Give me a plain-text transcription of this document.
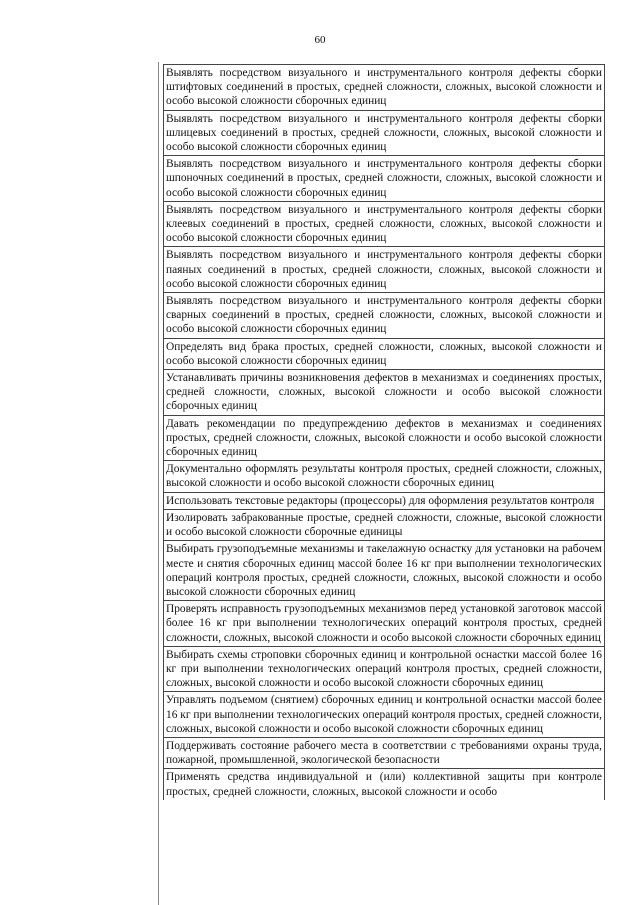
60
Выявлять посредством визуального и инструментального контроля дефекты сборки штифтовых соединений в простых, средней сложности, сложных, высокой сложности и особо высокой сложности сборочных единиц
Выявлять посредством визуального и инструментального контроля дефекты сборки шлицевых соединений в простых, средней сложности, сложных, высокой сложности и особо высокой сложности сборочных единиц
Выявлять посредством визуального и инструментального контроля дефекты сборки шпоночных соединений в простых, средней сложности, сложных, высокой сложности и особо высокой сложности сборочных единиц
Выявлять посредством визуального и инструментального контроля дефекты сборки клеевых соединений в простых, средней сложности, сложных, высокой сложности и особо высокой сложности сборочных единиц
Выявлять посредством визуального и инструментального контроля дефекты сборки паяных соединений в простых, средней сложности, сложных, высокой сложности и особо высокой сложности сборочных единиц
Выявлять посредством визуального и инструментального контроля дефекты сборки сварных соединений в простых, средней сложности, сложных, высокой сложности и особо высокой сложности сборочных единиц
Определять вид брака простых, средней сложности, сложных, высокой сложности и особо высокой сложности сборочных единиц
Устанавливать причины возникновения дефектов в механизмах и соединениях простых, средней сложности, сложных, высокой сложности и особо высокой сложности сборочных единиц
Давать рекомендации по предупреждению дефектов в механизмах и соединениях простых, средней сложности, сложных, высокой сложности и особо высокой сложности сборочных единиц
Документально оформлять результаты контроля простых, средней сложности, сложных, высокой сложности и особо высокой сложности сборочных единиц
Использовать текстовые редакторы (процессоры) для оформления результатов контроля
Изолировать забракованные простые, средней сложности, сложные, высокой сложности и особо высокой сложности сборочные единицы
Выбирать грузоподъемные механизмы и такелажную оснастку для установки на рабочем месте и снятия сборочных единиц массой более 16 кг при выполнении технологических операций контроля простых, средней сложности, сложных, высокой сложности и особо высокой сложности сборочных единиц
Проверять исправность грузоподъемных механизмов перед установкой заготовок массой более 16 кг при выполнении технологических операций контроля простых, средней сложности, сложных, высокой сложности и особо высокой сложности сборочных единиц
Выбирать схемы строповки сборочных единиц и контрольной оснастки массой более 16 кг при выполнении технологических операций контроля простых, средней сложности, сложных, высокой сложности и особо высокой сложности сборочных единиц
Управлять подъемом (снятием) сборочных единиц и контрольной оснастки массой более 16 кг при выполнении технологических операций контроля простых, средней сложности, сложных, высокой сложности и особо высокой сложности сборочных единиц
Поддерживать состояние рабочего места в соответствии с требованиями охраны труда, пожарной, промышленной, экологической безопасности
Применять средства индивидуальной и (или) коллективной защиты при контроле простых, средней сложности, сложных, высокой сложности и особо
